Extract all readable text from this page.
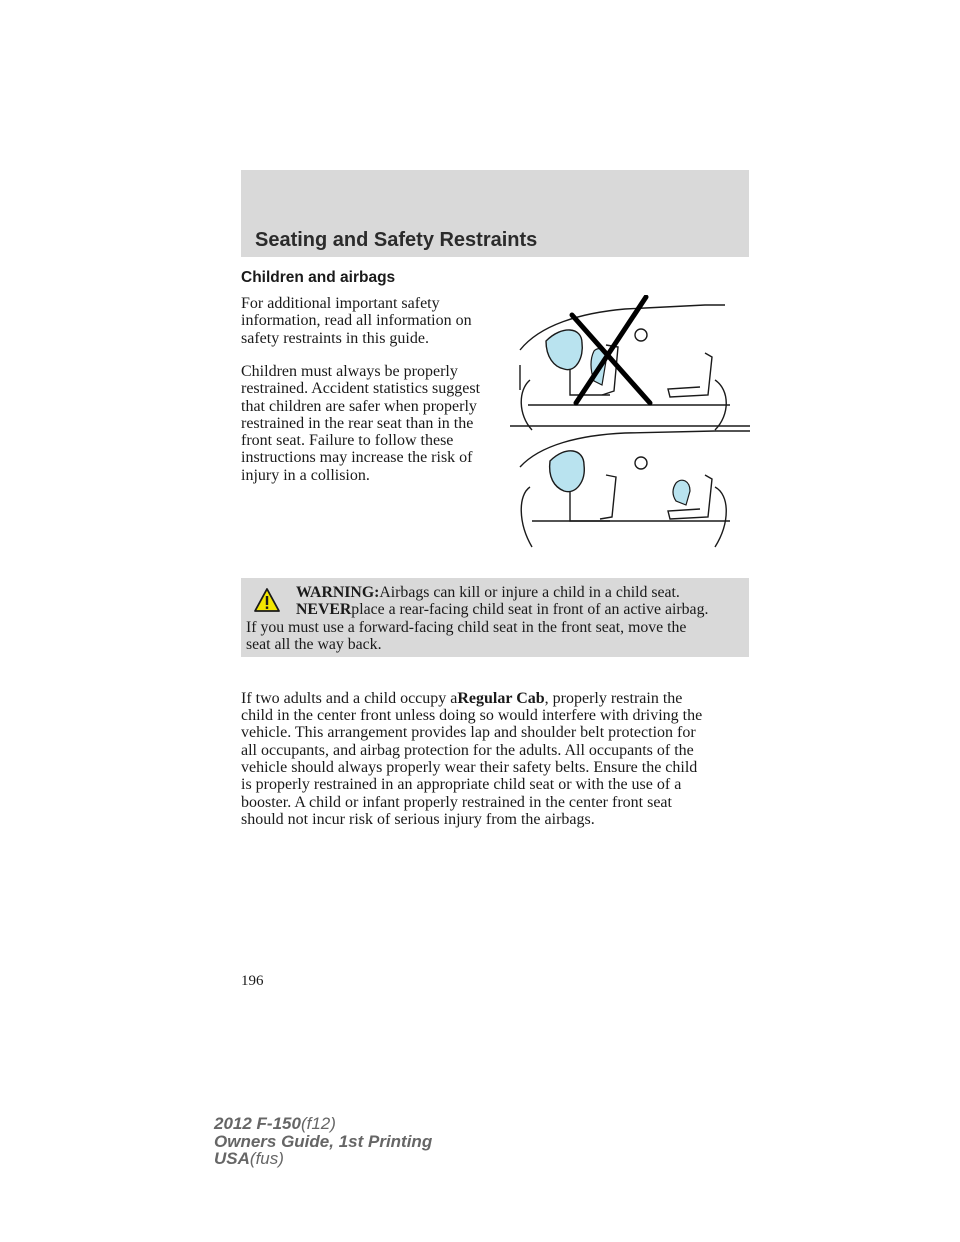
Seating and Safety Restraints
Children and airbags

For additional important safety information, read all information on safety restraints in this guide.

Children must always be properly restrained. Accident statistics suggest that children are safer when properly restrained in the rear seat than in the front seat. Failure to follow these instructions may increase the risk of injury in a collision.

WARNING:Airbags can kill or injure a child in a child seat.

NEVERplace a rear-facing child seat in front of an active airbag.

If you must use a forward-facing child seat in the front seat, move the

seat all the way back.

If two adults and a child occupy aRegular Cab, properly restrain the

child in the center front unless doing so would interfere with driving the

vehicle. This arrangement provides lap and shoulder belt protection for

all occupants, and airbag protection for the adults. All occupants of the

vehicle should always properly wear their safety belts. Ensure the child

is properly restrained in an appropriate child seat or with the use of a

booster. A child or infant properly restrained in the center front seat

should not incur risk of serious injury from the airbags.

196
2012 F-150(f12)
Owners Guide, 1st Printing
USA(fus)
